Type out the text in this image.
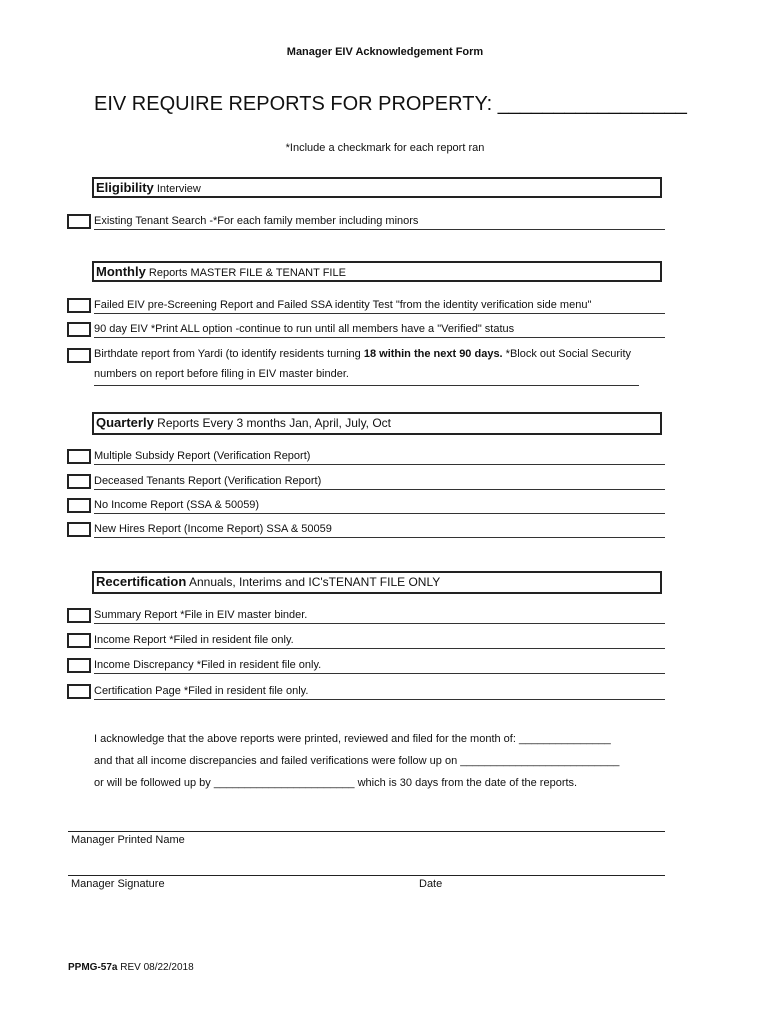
Manager EIV Acknowledgement Form
EIV REQUIRE REPORTS FOR PROPERTY: _________________
*Include a checkmark for each report ran
Eligibility Interview
Existing Tenant Search -*For each family member including minors
Monthly Reports MASTER FILE & TENANT FILE
Failed EIV pre-Screening Report and Failed SSA identity Test "from the identity verification side menu"
90 day EIV *Print ALL option -continue to run until all members have a "Verified" status
Birthdate report from Yardi (to identify residents turning 18 within the next 90 days. *Block out Social Security numbers on report before filing in EIV master binder.
Quarterly Reports Every 3 months Jan, April, July, Oct
Multiple Subsidy Report (Verification Report)
Deceased Tenants Report (Verification Report)
No Income Report (SSA & 50059)
New Hires Report (Income Report) SSA & 50059
Recertification Annuals, Interims and IC'sTENANT FILE ONLY
Summary Report *File in EIV master binder.
Income Report *Filed in resident file only.
Income Discrepancy *Filed in resident file only.
Certification Page *Filed in resident file only.
I acknowledge that the above reports were printed, reviewed and filed for the month of: _______________
and that all income discrepancies and failed verifications were follow up on __________________________
or will be followed up by _______________________ which is 30 days from the date of the reports.
Manager Printed Name
Manager Signature	Date
PPMG-57a REV 08/22/2018
